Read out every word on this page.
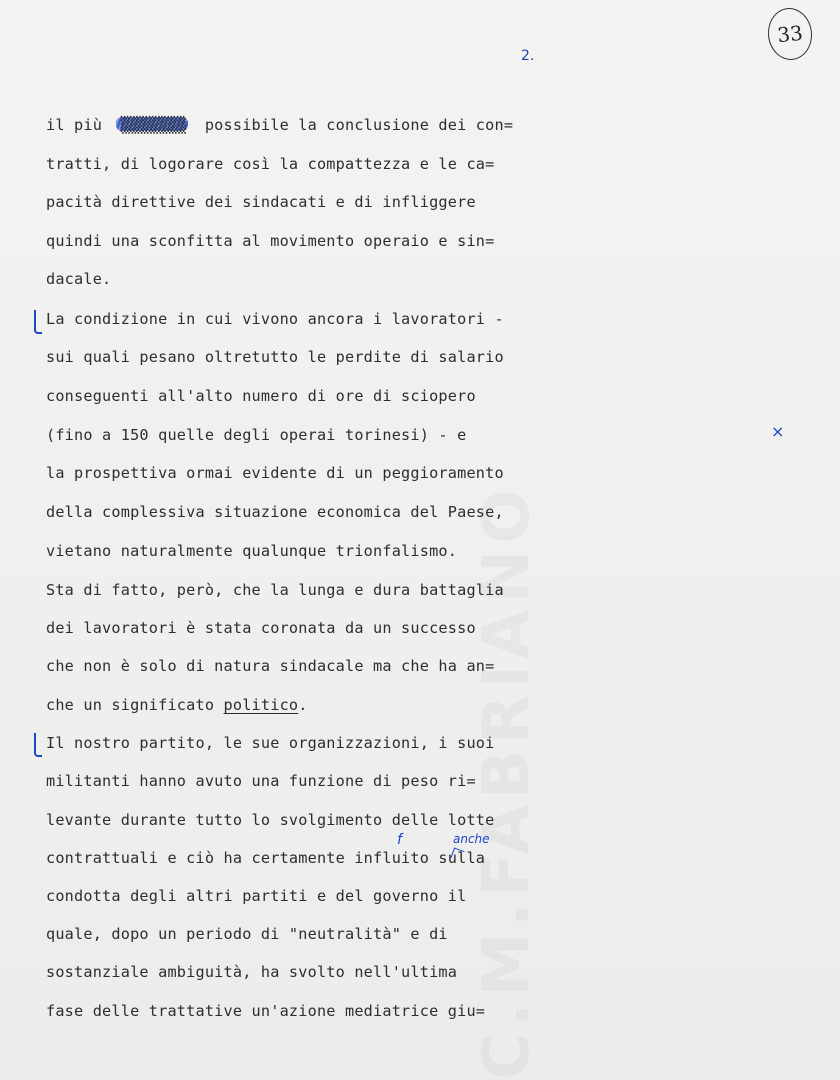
33
2.
×
f	anche
il più  ▒▒▒▒▒▒▒  possibile la conclusione dei con=
tratti, di logorare così la compattezza e le ca=
pacità direttive dei sindacati e di infliggere
quindi una sconfitta al movimento operaio e sin=
dacale.
La condizione in cui vivono ancora i lavoratori -
sui quali pesano oltretutto le perdite di salario
conseguenti all'alto numero di ore di sciopero
(fino a 150 quelle degli operai torinesi) - e
la prospettiva ormai evidente di un peggioramento
della complessiva situazione economica del Paese,
vietano naturalmente qualunque trionfalismo.
Sta di fatto, però, che la lunga e dura battaglia
dei lavoratori è stata coronata da un successo
che non è solo di natura sindacale ma che ha an=
che un significato politico.
Il nostro partito, le sue organizzazioni, i suoi
militanti hanno avuto una funzione di peso ri=
levante durante tutto lo svolgimento delle lotte
contrattuali e ciò ha certamente influito sulla
condotta degli altri partiti e del governo il
quale, dopo un periodo di "neutralità" e di
sostanziale ambiguità, ha svolto nell'ultima
fase delle trattative un'azione mediatrice giu=
